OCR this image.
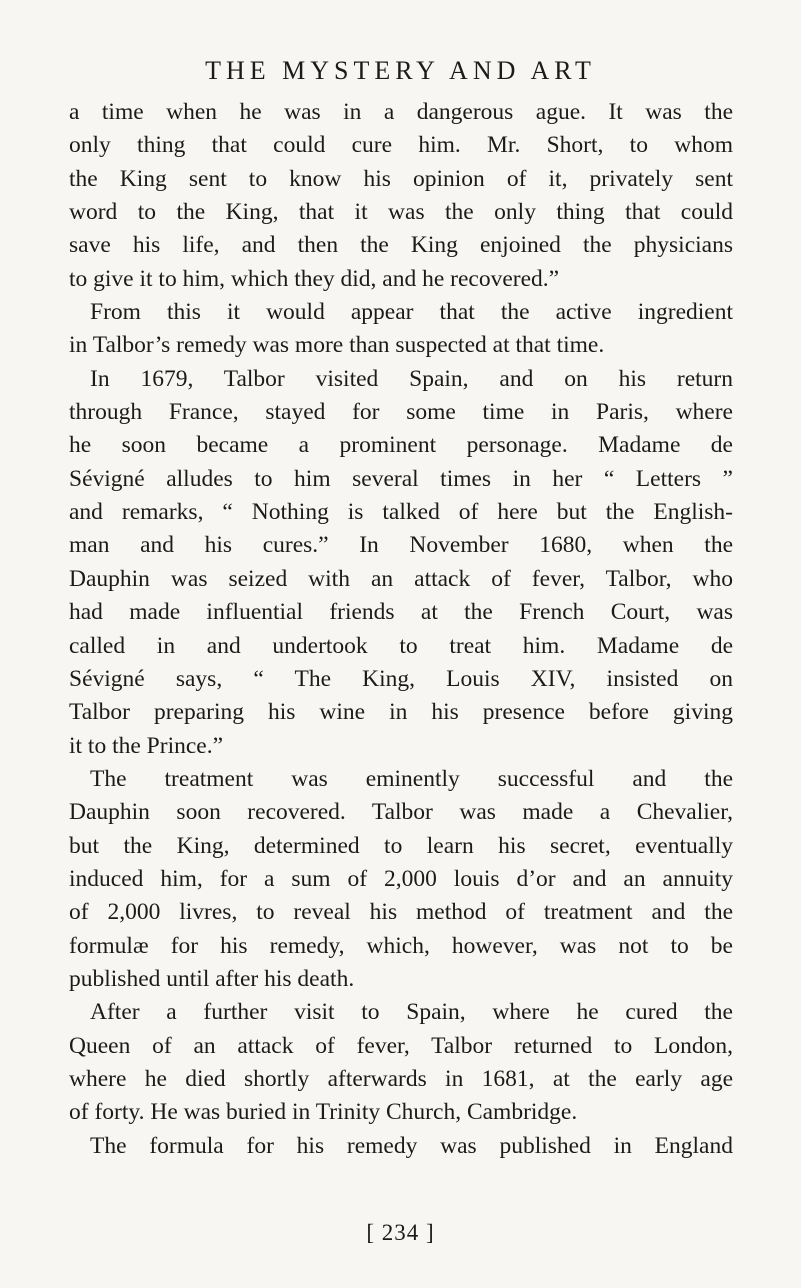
THE MYSTERY AND ART
a time when he was in a dangerous ague. It was the
only thing that could cure him. Mr. Short, to whom
the King sent to know his opinion of it, privately sent
word to the King, that it was the only thing that could
save his life, and then the King enjoined the physicians
to give it to him, which they did, and he recovered.”
From this it would appear that the active ingredient
in Talbor’s remedy was more than suspected at that time.
In 1679, Talbor visited Spain, and on his return
through France, stayed for some time in Paris, where
he soon became a prominent personage. Madame de
Sévigné alludes to him several times in her “ Letters ”
and remarks, “ Nothing is talked of here but the English-
man and his cures.” In November 1680, when the
Dauphin was seized with an attack of fever, Talbor, who
had made influential friends at the French Court, was
called in and undertook to treat him. Madame de
Sévigné says, “ The King, Louis XIV, insisted on
Talbor preparing his wine in his presence before giving
it to the Prince.”
The treatment was eminently successful and the
Dauphin soon recovered. Talbor was made a Chevalier,
but the King, determined to learn his secret, eventually
induced him, for a sum of 2,000 louis d’or and an annuity
of 2,000 livres, to reveal his method of treatment and the
formulæ for his remedy, which, however, was not to be
published until after his death.
After a further visit to Spain, where he cured the
Queen of an attack of fever, Talbor returned to London,
where he died shortly afterwards in 1681, at the early age
of forty. He was buried in Trinity Church, Cambridge.
The formula for his remedy was published in England
[ 234 ]
